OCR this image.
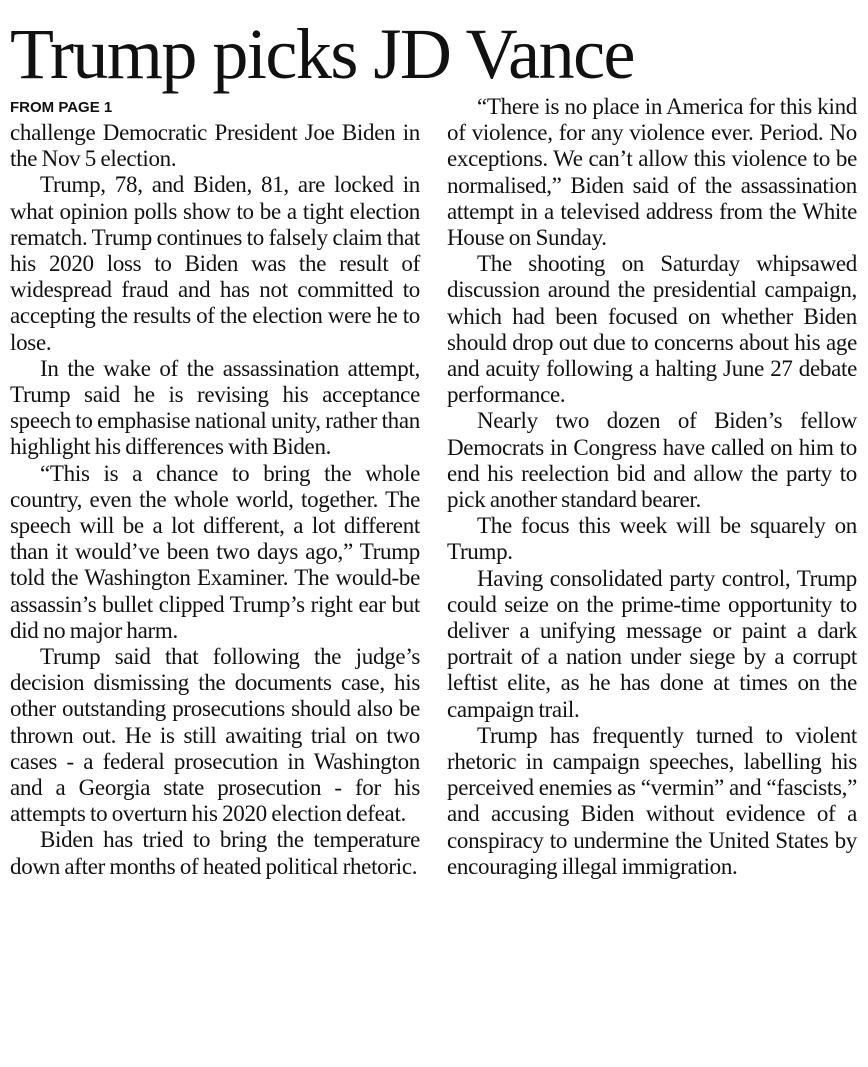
Trump picks JD Vance
FROM PAGE 1

challenge Democratic President Joe Biden in the Nov 5 election.

Trump, 78, and Biden, 81, are locked in what opinion polls show to be a tight election rematch. Trump continues to falsely claim that his 2020 loss to Biden was the result of widespread fraud and has not committed to accepting the results of the election were he to lose.

In the wake of the assassination attempt, Trump said he is revising his acceptance speech to emphasise national unity, rather than highlight his differences with Biden.

“This is a chance to bring the whole country, even the whole world, together. The speech will be a lot different, a lot different than it would’ve been two days ago,” Trump told the Washington Examiner. The would-be assassin’s bullet clipped Trump’s right ear but did no major harm.

Trump said that following the judge’s decision dismissing the documents case, his other outstanding prosecutions should also be thrown out. He is still awaiting trial on two cases - a federal prosecution in Washington and a Georgia state prosecution - for his attempts to overturn his 2020 election defeat.

Biden has tried to bring the temperature down after months of heated political rhetoric.

“There is no place in America for this kind of violence, for any violence ever. Period. No exceptions. We can’t allow this violence to be normalised,” Biden said of the assassination attempt in a televised address from the White House on Sunday.

The shooting on Saturday whipsawed discussion around the presidential campaign, which had been focused on whether Biden should drop out due to concerns about his age and acuity following a halting June 27 debate performance.

Nearly two dozen of Biden’s fellow Democrats in Congress have called on him to end his reelection bid and allow the party to pick another standard bearer.

The focus this week will be squarely on Trump.

Having consolidated party control, Trump could seize on the prime-time opportunity to deliver a unifying message or paint a dark portrait of a nation under siege by a corrupt leftist elite, as he has done at times on the campaign trail.

Trump has frequently turned to violent rhetoric in campaign speeches, labelling his perceived enemies as “vermin” and “fascists,” and accusing Biden without evidence of a conspiracy to undermine the United States by encouraging illegal immigration.
